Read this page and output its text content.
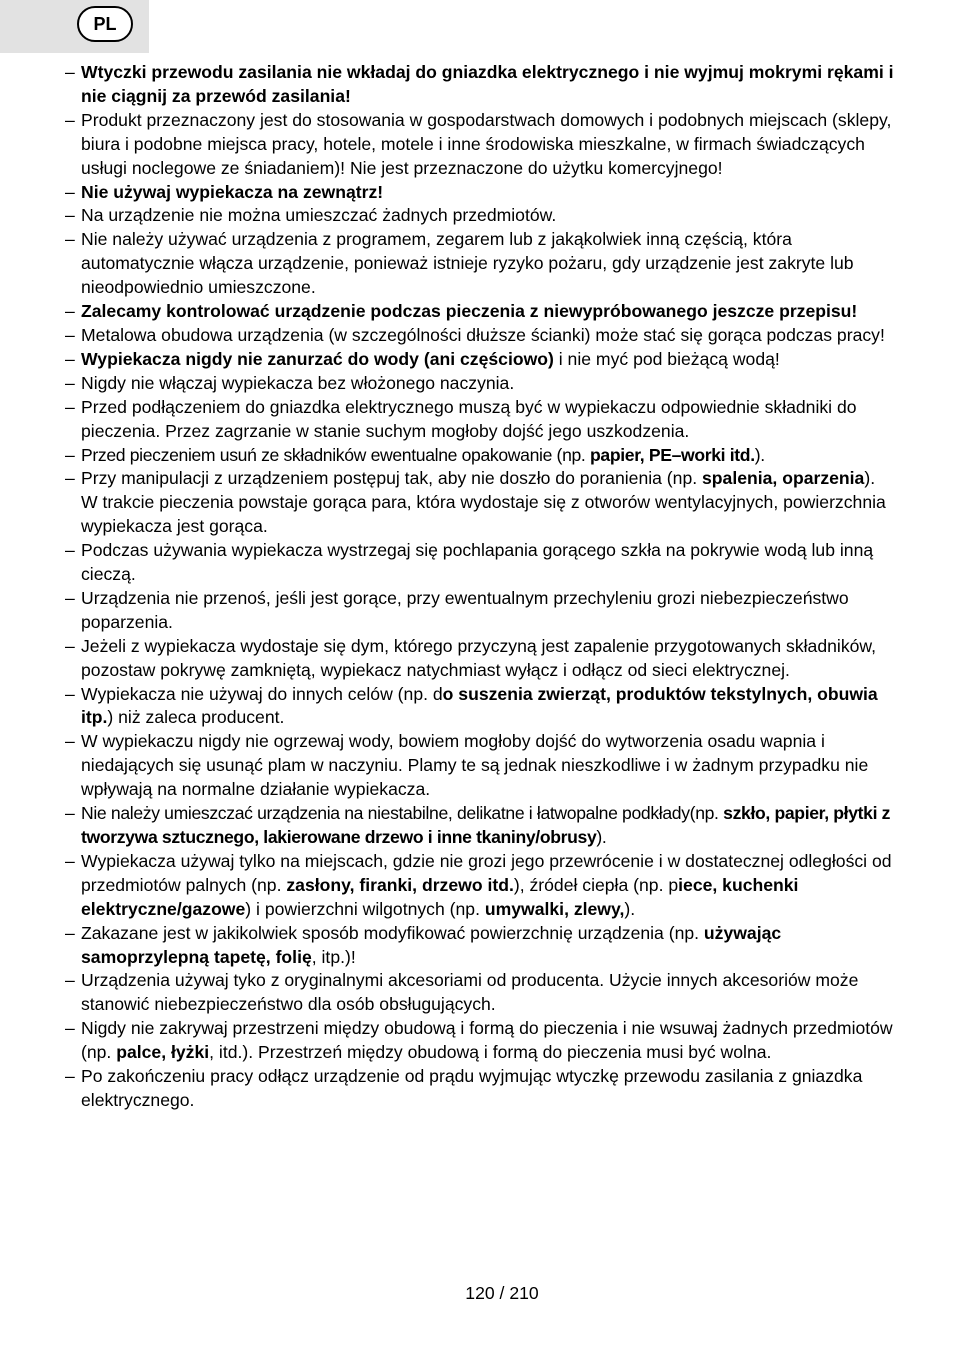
PL
– Wtyczki przewodu zasilania nie wkładaj do gniazdka elektrycznego i nie wyjmuj mokrymi rękami i nie ciągnij za przewód zasilania!
– Produkt przeznaczony jest do stosowania w gospodarstwach domowych i podobnych miejscach (sklepy, biura i podobne miejsca pracy, hotele, motele i inne środowiska mieszkalne, w firmach świadczących usługi noclegowe ze śniadaniem)! Nie jest przeznaczone do użytku komercyjnego!
– Nie używaj wypiekacza na zewnątrz!
– Na urządzenie nie można umieszczać żadnych przedmiotów.
– Nie należy używać urządzenia z programem, zegarem lub z jakąkolwiek inną częścią, która automatycznie włącza urządzenie, ponieważ istnieje ryzyko pożaru, gdy urządzenie jest zakryte lub nieodpowiednio umieszczone.
– Zalecamy kontrolować urządzenie podczas pieczenia z niewypróbowanego jeszcze przepisu!
– Metalowa obudowa urządzenia (w szczególności dłuższe ścianki) może stać się gorąca podczas pracy!
– Wypiekacza nigdy nie zanurzać do wody (ani częściowo) i nie myć pod bieżącą wodą!
– Nigdy nie włączaj wypiekacza bez włożonego naczynia.
– Przed podłączeniem do gniazdka elektrycznego muszą być w wypiekaczu odpowiednie składniki do pieczenia. Przez zagrzanie w stanie suchym mogłoby dojść jego uszkodzenia.
– Przed pieczeniem usuń ze składników ewentualne opakowanie (np. papier, PE–worki itd.).
– Przy manipulacji z urządzeniem postępuj tak, aby nie doszło do poranienia (np. spalenia, oparzenia). W trakcie pieczenia powstaje gorąca para, która wydostaje się z otworów wentylacyjnych, powierzchnia wypiekacza jest gorąca.
– Podczas używania wypiekacza wystrzegaj się pochlapania gorącego szkła na pokrywie wodą lub inną cieczą.
– Urządzenia nie przenoś, jeśli jest gorące, przy ewentualnym przechyleniu grozi niebezpieczeństwo poparzenia.
– Jeżeli z wypiekacza wydostaje się dym, którego przyczyną jest zapalenie przygotowanych składników, pozostaw pokrywę zamkniętą, wypiekacz natychmiast wyłącz i odłącz od sieci elektrycznej.
– Wypiekacza nie używaj do innych celów (np. do suszenia zwierząt, produktów tekstylnych, obuwia itp.) niż zaleca producent.
– W wypiekaczu nigdy nie ogrzewaj wody, bowiem mogłoby dojść do wytworzenia osadu wapnia i niedających się usunąć plam w naczyniu. Plamy te są jednak nieszkodliwe i w żadnym przypadku nie wpływają na normalne działanie wypiekacza.
– Nie należy umieszczać urządzenia na niestabilne, delikatne i łatwopalne podkłady(np. szkło, papier, płytki z tworzywa sztucznego, lakierowane drzewo i inne tkaniny/obrusy).
– Wypiekacza używaj tylko na miejscach, gdzie nie grozi jego przewrócenie i w dostatecznej odległości od przedmiotów palnych (np. zasłony, firanki, drzewo itd.), źródeł ciepła (np. piece, kuchenki elektryczne/gazowe) i powierzchni wilgotnych (np. umywalki, zlewy,).
– Zakazane jest w jakikolwiek sposób modyfikować powierzchnię urządzenia (np. używając samoprzylepną tapetę, folię, itp.)!
– Urządzenia używaj tyko z oryginalnymi akcesoriami od producenta. Użycie innych akcesoriów może stanowić niebezpieczeństwo dla osób obsługujących.
– Nigdy nie zakrywaj przestrzeni między obudową i formą do pieczenia i nie wsuwaj żadnych przedmiotów (np. palce, łyżki, itd.). Przestrzeń między obudową i formą do pieczenia musi być wolna.
– Po zakończeniu pracy odłącz urządzenie od prądu wyjmując wtyczkę przewodu zasilania z gniazdka elektrycznego.
120 / 210
